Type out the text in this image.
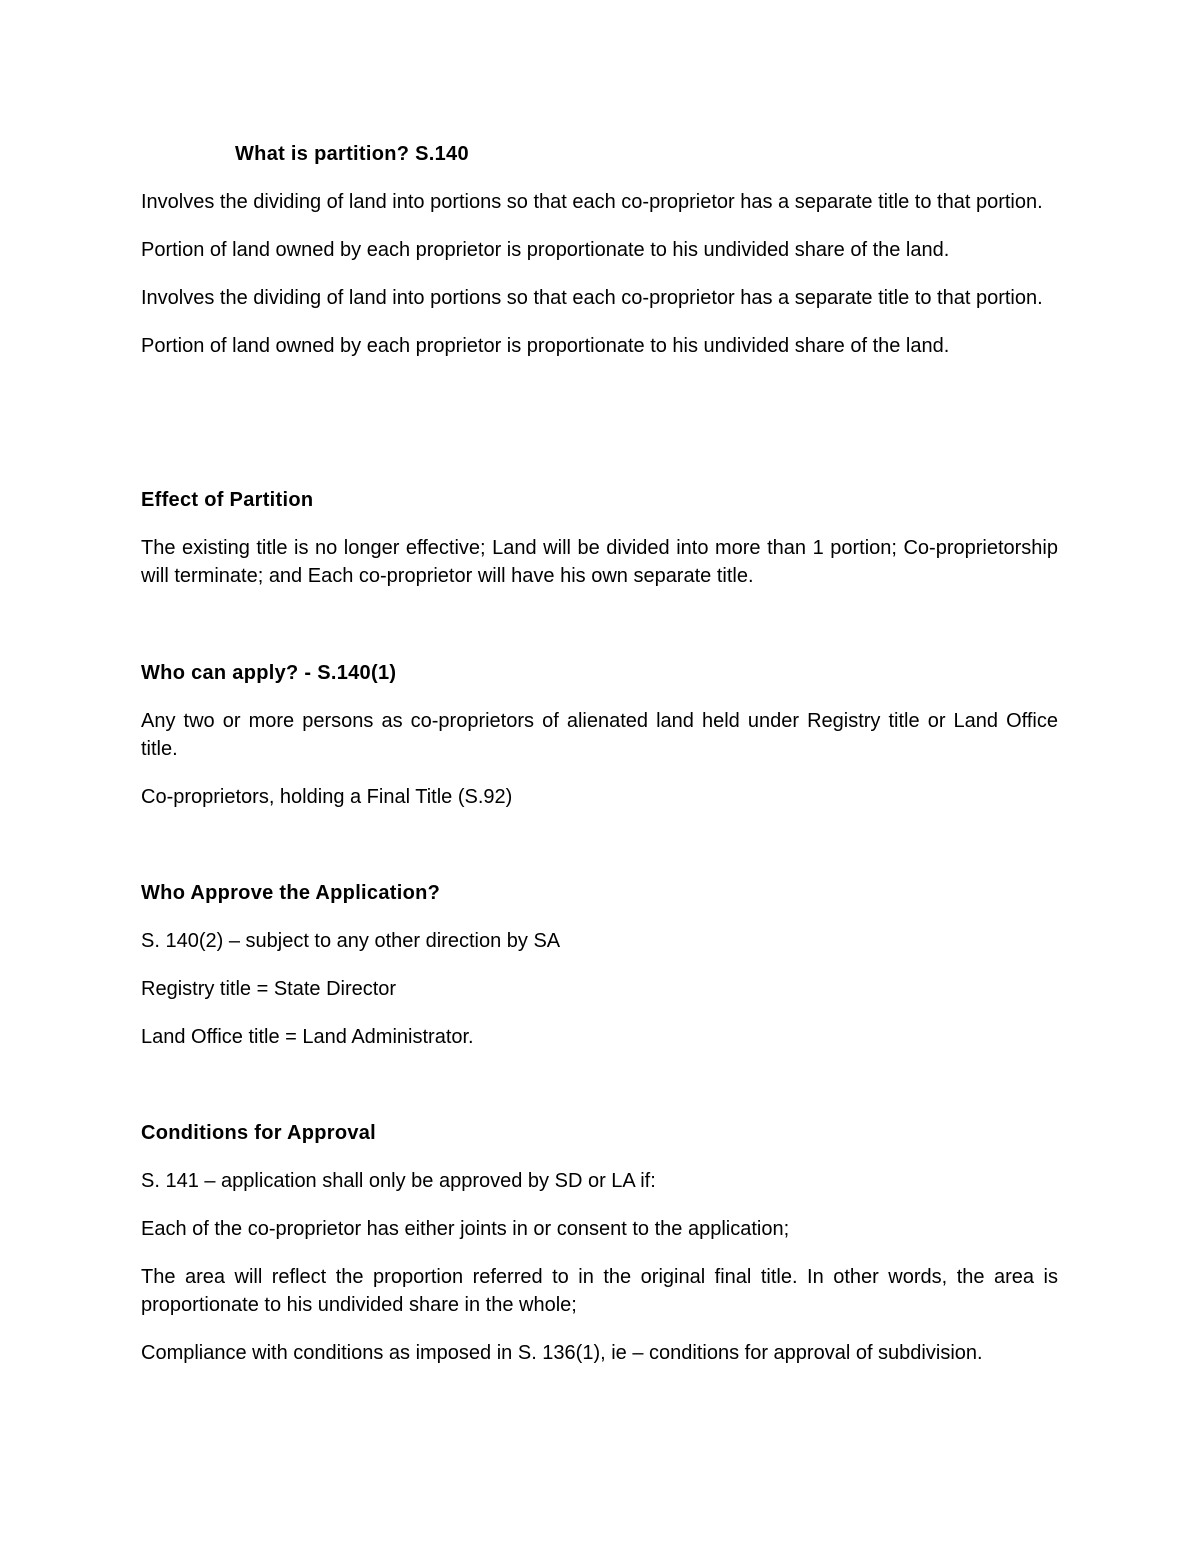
What is partition? S.140

Involves the dividing of land into portions so that each co-proprietor has a separate title to that portion.

Portion of land owned by each proprietor is proportionate to his undivided share of the land.

Involves the dividing of land into portions so that each co-proprietor has a separate title to that portion.

Portion of land owned by each proprietor is proportionate to his undivided share of the land.

Effect of Partition

The existing title is no longer effective; Land will be divided into more than 1 portion; Co-proprietorship will terminate; and Each co-proprietor will have his own separate title.

Who can apply? - S.140(1)

Any two or more persons as co-proprietors of alienated land held under Registry title or Land Office title.

Co-proprietors, holding a Final Title (S.92)

Who Approve the Application?

S. 140(2) – subject to any other direction by SA

Registry title = State Director

Land Office title = Land Administrator.

Conditions for Approval

S. 141 – application shall only be approved by SD or LA if:

Each of the co-proprietor has either joints in or consent to the application;

The area will reflect the proportion referred to in the original final title. In other words, the area is proportionate to his undivided share in the whole;

Compliance with conditions as imposed in S. 136(1), ie – conditions for approval of subdivision.
